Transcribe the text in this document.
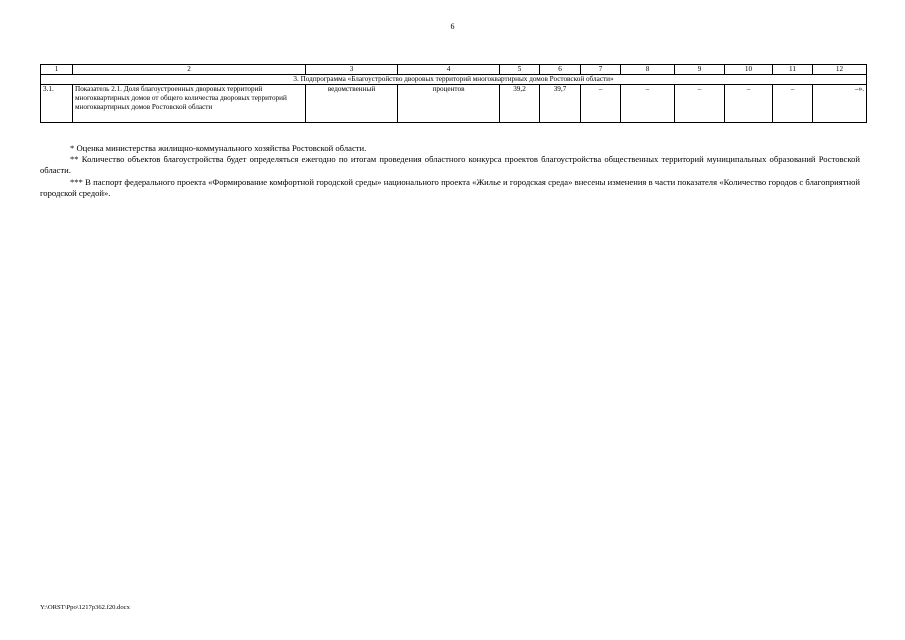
6
1	2	3	4	5	6	7	8	9	10	11	12
3. Подпрограмма «Благоустройство дворовых территорий многоквартирных домов Ростовской области»											
3.1.	Показатель 2.1. Доля благоустроенных дворовых территорий многоквартирных домов от общего количества дворовых территорий многоквартирных домов Ростовской области	ведомственный	процентов	39,2	39,7	–	–	–	–	–	–».

* Оценка министерства жилищно-коммунального хозяйства Ростовской области.

** Количество объектов благоустройства будет определяться ежегодно по итогам проведения областного конкурса проектов благоустройства общественных территорий муниципальных образований Ростовской области.

*** В паспорт федерального проекта «Формирование комфортной городской среды» национального проекта «Жилье и городская среда» внесены изменения в части показателя «Количество городов с благоприятной городской средой».

Y:\ORST\Ppo\1217p362.f20.docx
